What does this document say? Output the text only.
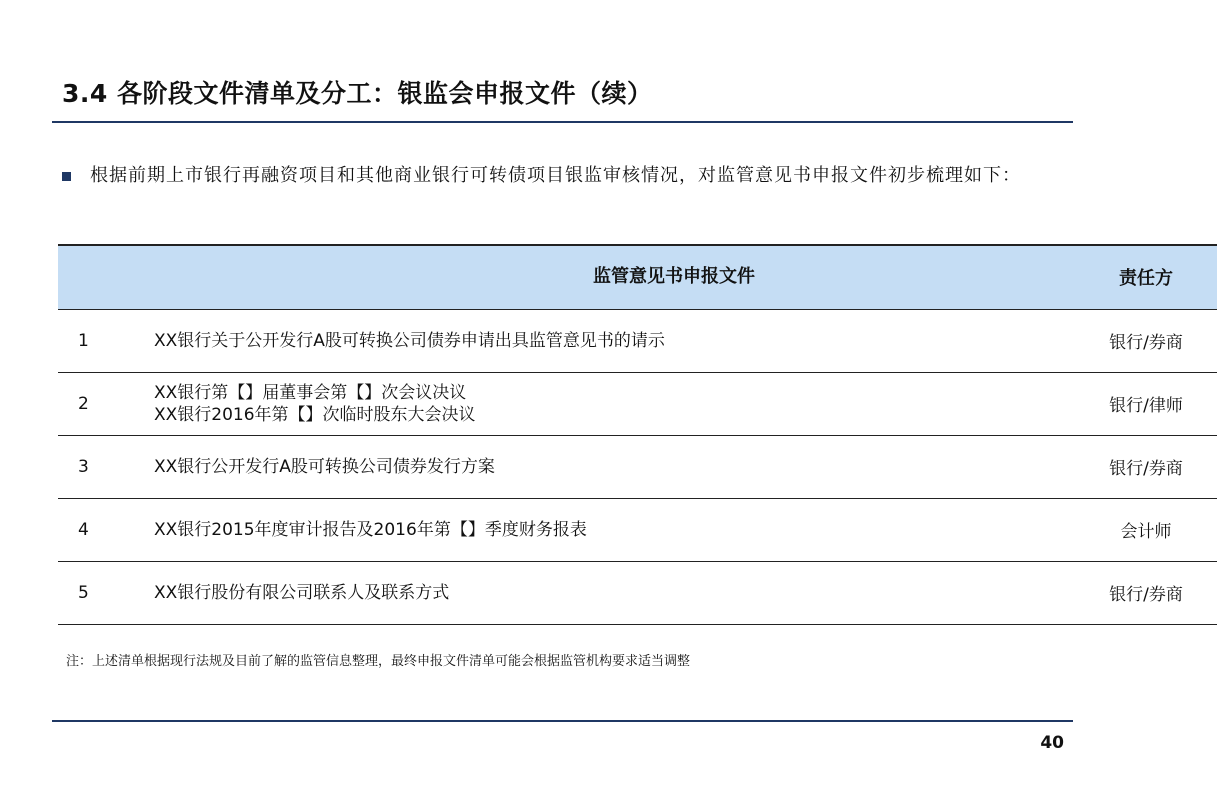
3.4 各阶段文件清单及分工：银监会申报文件（续）
根据前期上市银行再融资项目和其他商业银行可转债项目银监审核情况，对监管意见书申报文件初步梳理如下：
	监管意见书申报文件	责任方
1	XX银行关于公开发行A股可转换公司债券申请出具监管意见书的请示	银行/券商
2	XX银行第【】届董事会第【】次会议决议
XX银行2016年第【】次临时股东大会决议	银行/律师
3	XX银行公开发行A股可转换公司债券发行方案	银行/券商
4	XX银行2015年度审计报告及2016年第【】季度财务报表	会计师
5	XX银行股份有限公司联系人及联系方式	银行/券商
注：上述清单根据现行法规及目前了解的监管信息整理，最终申报文件清单可能会根据监管机构要求适当调整
40
